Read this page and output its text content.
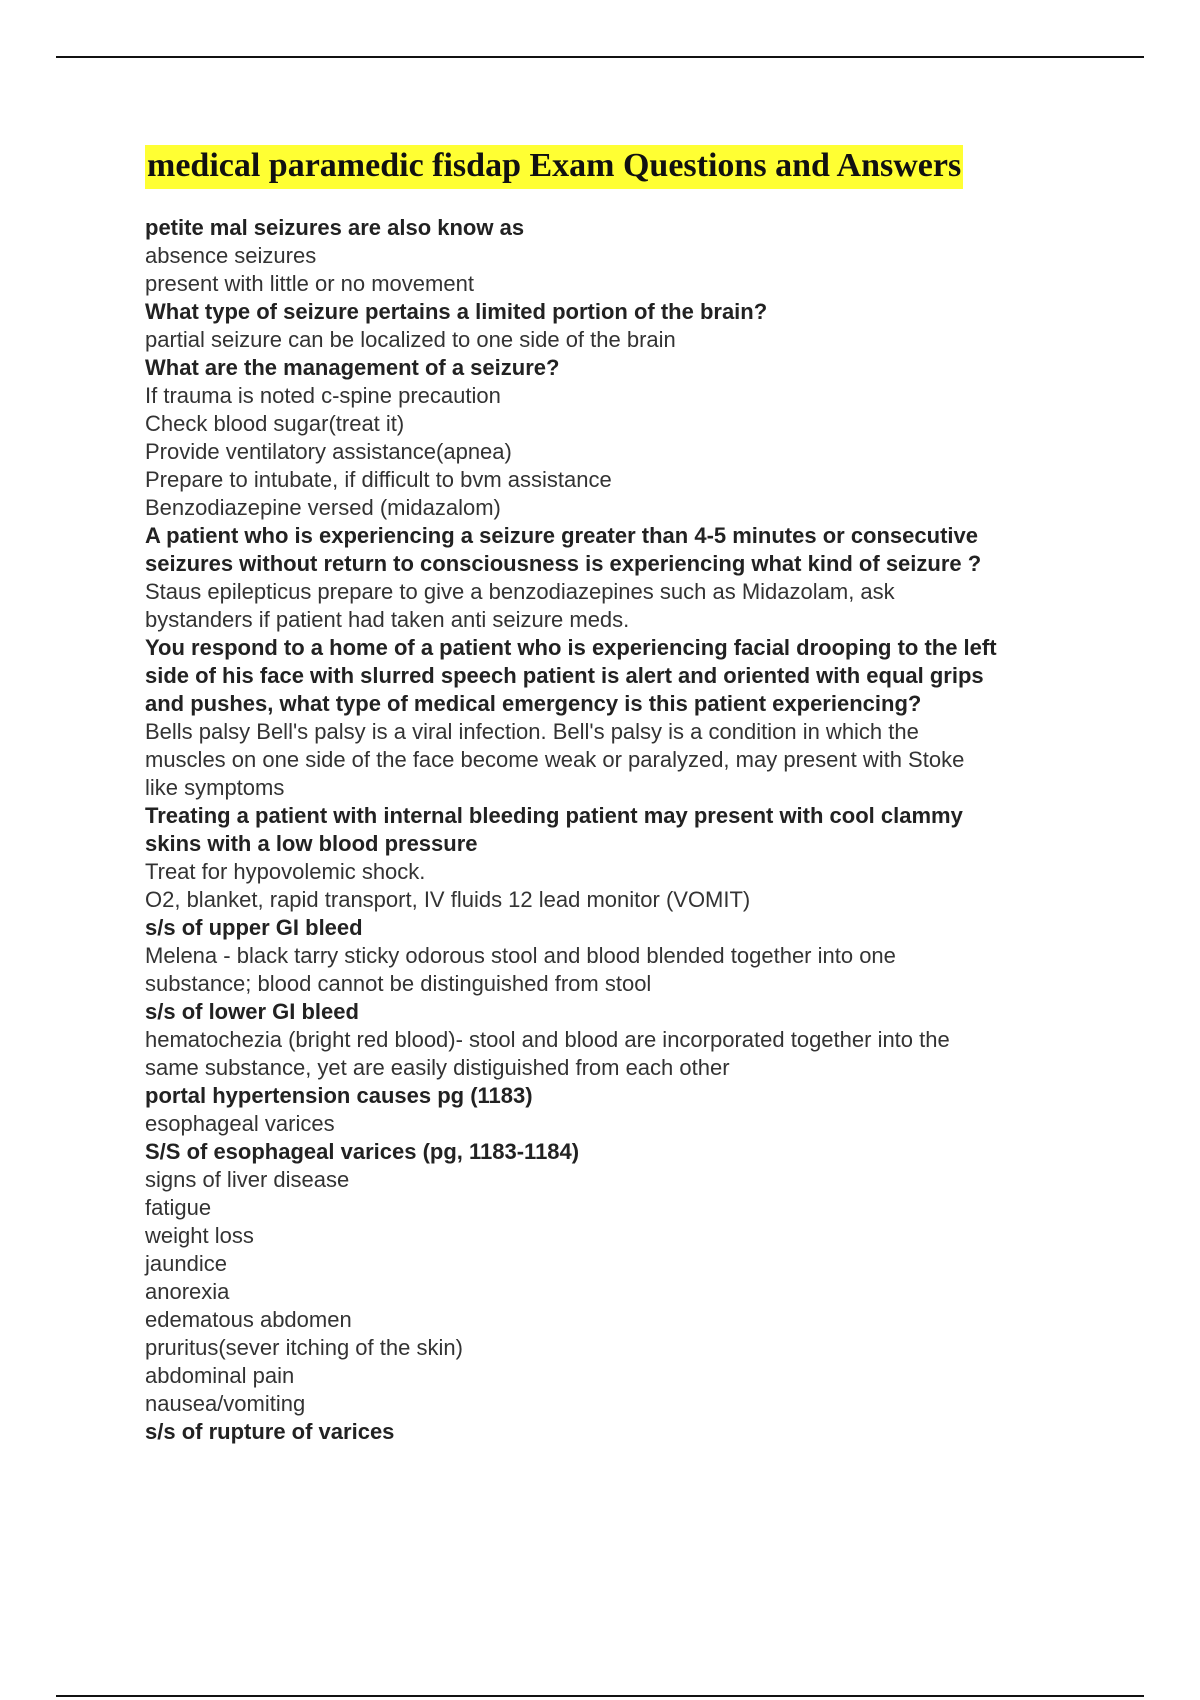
medical paramedic fisdap Exam Questions and Answers
petite mal seizures are also know as
absence seizures
present with little or no movement
What type of seizure pertains a limited portion of the brain?
partial seizure can be localized to one side of the brain
What are the management of a seizure?
If trauma is noted c-spine precaution
Check blood sugar(treat it)
Provide ventilatory assistance(apnea)
Prepare to intubate, if difficult to bvm assistance
Benzodiazepine versed (midazalom)
A patient who is experiencing a seizure greater than 4-5 minutes or consecutive
seizures without return to consciousness is experiencing what kind of seizure ?
Staus epilepticus prepare to give a benzodiazepines such as Midazolam, ask
bystanders if patient had taken anti seizure meds.
You respond to a home of a patient who is experiencing facial drooping to the left
side of his face with slurred speech patient is alert and oriented with equal grips
and pushes, what type of medical emergency is this patient experiencing?
Bells palsy Bell's palsy is a viral infection. Bell's palsy is a condition in which the
muscles on one side of the face become weak or paralyzed, may present with Stoke
like symptoms
Treating a patient with internal bleeding patient may present with cool clammy
skins with a low blood pressure
Treat for hypovolemic shock.
O2, blanket, rapid transport, IV fluids 12 lead monitor (VOMIT)
s/s of upper GI bleed
Melena - black tarry sticky odorous stool and blood blended together into one
substance; blood cannot be distinguished from stool
s/s of lower GI bleed
hematochezia (bright red blood)- stool and blood are incorporated together into the
same substance, yet are easily distiguished from each other
portal hypertension causes pg (1183)
esophageal varices
S/S of esophageal varices (pg, 1183-1184)
signs of liver disease
fatigue
weight loss
jaundice
anorexia
edematous abdomen
pruritus(sever itching of the skin)
abdominal pain
nausea/vomiting
s/s of rupture of varices
